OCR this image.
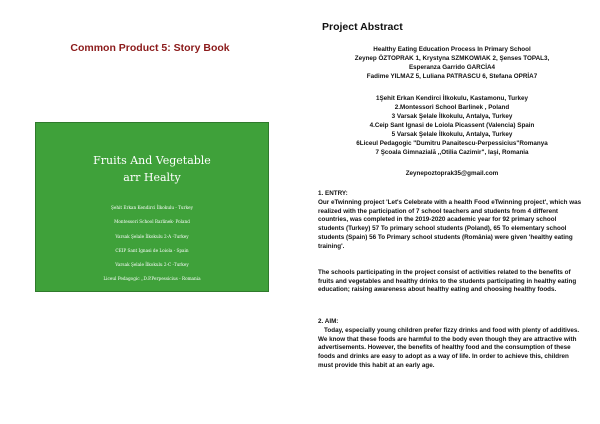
Common Product 5: Story Book
Fruits And Vegetable
arr Healty
Şehit Erkan Kendirci İlkokulu - Turkey
Montessori School Barlinek- Poland
Varsak Şelale İlkokulu 2-A -Turkey
CEIP Sant Ignasi de Loiola - Spain
Varsak Şelale İlkokulu 2-C -Turkey
Liceul Pedagogic ,,D.P.Perpessicius - Romania
Project Abstract
Healthy Eating Education Process In Primary School
Zeynep ÖZTOPRAK 1, Krystyna SZMKOWIAK 2, Şenses TOPAL3,
Esperanza Garrido GARCİA4
Fadime YILMAZ 5, Luliana PATRASCU 6, Stefana OPRİA7
1Şehit Erkan Kendirci İlkokulu, Kastamonu, Turkey
2.Montessori School Barlinek , Poland
3 Varsak Şelale İlkokulu, Antalya, Turkey
4.Ceip Sant Ignasi de Loiola Picassent (Valencia) Spain
5 Varsak Şelale İlkokulu, Antalya, Turkey
6Liceul Pedagogic "Dumitru Panaitescu-Perpessicius"Romanya
7 Şcoala Gimnazială ,,Otilia Cazimir", Iaşi, Romania
Zeynepoztoprak35@gmail.com
1. ENTRY:
Our eTwinning project 'Let's Celebrate with a health Food eTwinning project', which was realized with the participation of 7 school teachers and students from 4 different countries, was completed in the 2019-2020 academic year for 92 primary school students (Turkey) 57 To primary school students (Poland), 65 To elementary school students (Spain) 56 To Primary school students (România) were given 'healthy eating training'.
The schools participating in the project consist of activities related to the benefits of fruits and vegetables and healthy drinks to the students participating in healthy eating education; raising awareness about healthy eating and choosing healthy foods.
2. AIM:
Today, especially young children prefer fizzy drinks and food with plenty of additives. We know that these foods are harmful to the body even though they are attractive with advertisements. However, the benefits of healthy food and the consumption of these foods and drinks are easy to adopt as a way of life. In order to achieve this, children must provide this habit at an early age.
